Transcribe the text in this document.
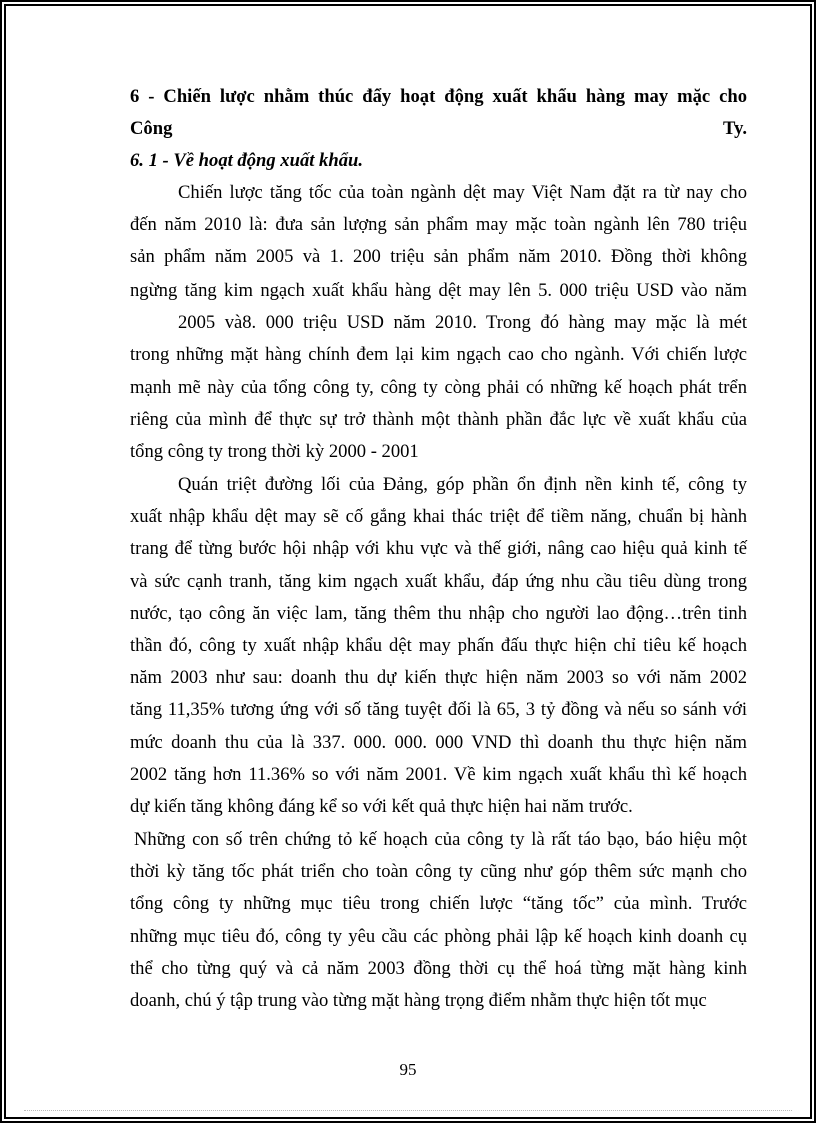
6 - Chiến lược nhằm thúc đẩy hoạt động xuất khẩu hàng may mặc cho
Công	Ty.
6. 1 - Về hoạt động xuất khẩu.
Chiến lược tăng tốc của toàn ngành dệt may Việt Nam đặt ra từ nay cho
đến năm 2010 là: đưa sản lượng sản phẩm may mặc toàn ngành lên 780 triệu
sản phẩm năm 2005 và 1. 200 triệu sản phẩm năm 2010. Đồng thời không
ngừng tăng kim ngạch xuất khẩu hàng dệt may lên 5. 000 triệu USD vào năm
2005 và8. 000 triệu USD năm 2010. Trong đó hàng may mặc là mét
trong những mặt hàng chính đem lại kim ngạch cao cho ngành. Với chiến lược
mạnh mẽ này của tổng công ty, công ty còng phải có những kế hoạch phát trển
riêng của mình để thực sự trở thành một thành phần đắc lực về xuất khẩu của
tổng công ty trong thời kỳ 2000 - 2001
Quán triệt đường lối của Đảng, góp phần ổn định nền kinh tế, công ty
xuất nhập khẩu dệt may sẽ cố gắng khai thác triệt để tiềm năng, chuẩn bị hành
trang để từng bước hội nhập với khu vực và thế giới, nâng cao hiệu quả kinh tế
và sức cạnh tranh, tăng kim ngạch xuất khẩu, đáp ứng nhu cầu tiêu dùng trong
nước, tạo công ăn việc lam, tăng thêm thu nhập cho người lao động…trên tinh
thần đó, công ty xuất nhập khẩu dệt may phấn đấu thực hiện chỉ tiêu kế hoạch
năm 2003 như sau: doanh thu dự kiến thực hiện năm 2003 so với năm 2002
tăng 11,35% tương ứng với số tăng tuyệt đối là 65, 3 tỷ đồng và nếu so sánh với
mức doanh thu của là 337. 000. 000. 000 VND thì doanh thu thực hiện năm
2002 tăng hơn 11.36% so với năm 2001. Về kim ngạch xuất khẩu thì kế hoạch
dự kiến tăng không đáng kể so với kết quả thực hiện hai năm trước.
Những con số trên chứng tỏ kế hoạch của công ty là rất táo bạo, báo hiệu một
thời kỳ tăng tốc phát triển cho toàn công ty cũng như góp thêm sức mạnh cho
tổng công ty những mục tiêu trong chiến lược “tăng tốc” của mình. Trước
những mục tiêu đó, công ty yêu cầu các phòng phải lập kế hoạch kinh doanh cụ
thể cho từng quý và cả năm 2003 đồng thời cụ thể hoá từng mặt hàng kinh
doanh, chú ý tập trung vào từng mặt hàng trọng điểm nhằm thực hiện tốt mục
95
